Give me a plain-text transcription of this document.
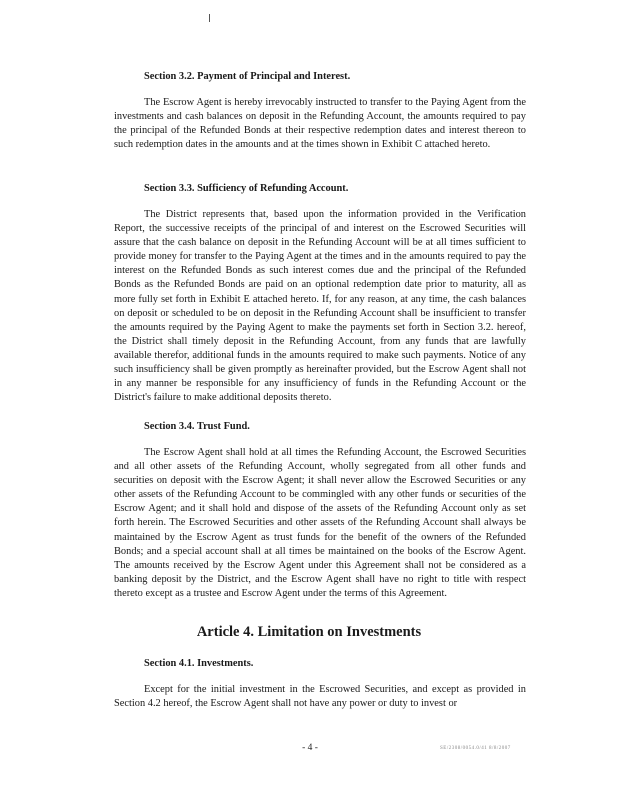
Section 3.2. Payment of Principal and Interest.

The Escrow Agent is hereby irrevocably instructed to transfer to the Paying Agent from the investments and cash balances on deposit in the Refunding Account, the amounts required to pay the principal of the Refunded Bonds at their respective redemption dates and interest thereon to such redemption dates in the amounts and at the times shown in Exhibit C attached hereto.

Section 3.3. Sufficiency of Refunding Account.

The District represents that, based upon the information provided in the Verification Report, the successive receipts of the principal of and interest on the Escrowed Securities will assure that the cash balance on deposit in the Refunding Account will be at all times sufficient to provide money for transfer to the Paying Agent at the times and in the amounts required to pay the interest on the Refunded Bonds as such interest comes due and the principal of the Refunded Bonds as the Refunded Bonds are paid on an optional redemption date prior to maturity, all as more fully set forth in Exhibit E attached hereto. If, for any reason, at any time, the cash balances on deposit or scheduled to be on deposit in the Refunding Account shall be insufficient to transfer the amounts required by the Paying Agent to make the payments set forth in Section 3.2. hereof, the District shall timely deposit in the Refunding Account, from any funds that are lawfully available therefor, additional funds in the amounts required to make such payments. Notice of any such insufficiency shall be given promptly as hereinafter provided, but the Escrow Agent shall not in any manner be responsible for any insufficiency of funds in the Refunding Account or the District's failure to make additional deposits thereto.

Section 3.4. Trust Fund.

The Escrow Agent shall hold at all times the Refunding Account, the Escrowed Securities and all other assets of the Refunding Account, wholly segregated from all other funds and securities on deposit with the Escrow Agent; it shall never allow the Escrowed Securities or any other assets of the Refunding Account to be commingled with any other funds or securities of the Escrow Agent; and it shall hold and dispose of the assets of the Refunding Account only as set forth herein. The Escrowed Securities and other assets of the Refunding Account shall always be maintained by the Escrow Agent as trust funds for the benefit of the owners of the Refunded Bonds; and a special account shall at all times be maintained on the books of the Escrow Agent. The amounts received by the Escrow Agent under this Agreement shall not be considered as a banking deposit by the District, and the Escrow Agent shall have no right to title with respect thereto except as a trustee and Escrow Agent under the terms of this Agreement.

Article 4. Limitation on Investments
Section 4.1. Investments.

Except for the initial investment in the Escrowed Securities, and except as provided in Section 4.2 hereof, the Escrow Agent shall not have any power or duty to invest or

- 4 -	SE/2308/0054.0/41 8/8/2007
